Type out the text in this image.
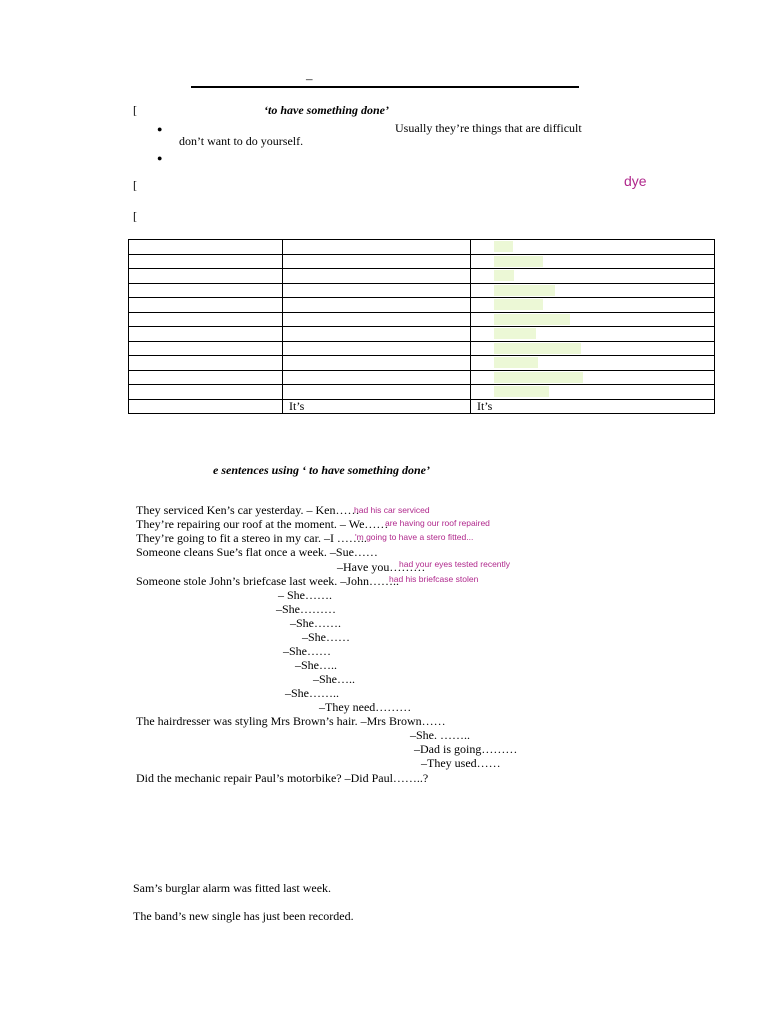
–
[	‘to have something done’
●	Usually they’re things that are difficult
don’t want to do yourself.
●
[	dye
[

	It’s	It’s
e sentences using ‘ to have something done’
They serviced Ken’s car yesterday. – Ken……
They’re repairing our roof at the moment. – We……
They’re going to fit a stereo in my car. –I ……..
Someone cleans Sue’s flat once a week. –Sue……
–Have you………
Someone stole John’s briefcase last week. –John……..
– She…….
–She………
–She…….
–She……
–She……
–She…..
–She…..
–She……..
–They need………
The hairdresser was styling Mrs Brown’s hair. –Mrs Brown……
–She. ……..
–Dad is going………
–They used……
Did the mechanic repair Paul’s motorbike? –Did Paul……..?
had his car serviced
are having our roof repaired
'm going to have a stero fitted...
had your eyes tested recently
had his briefcase stolen
Sam’s burglar alarm was fitted last week.
The band’s new single has just been recorded.
